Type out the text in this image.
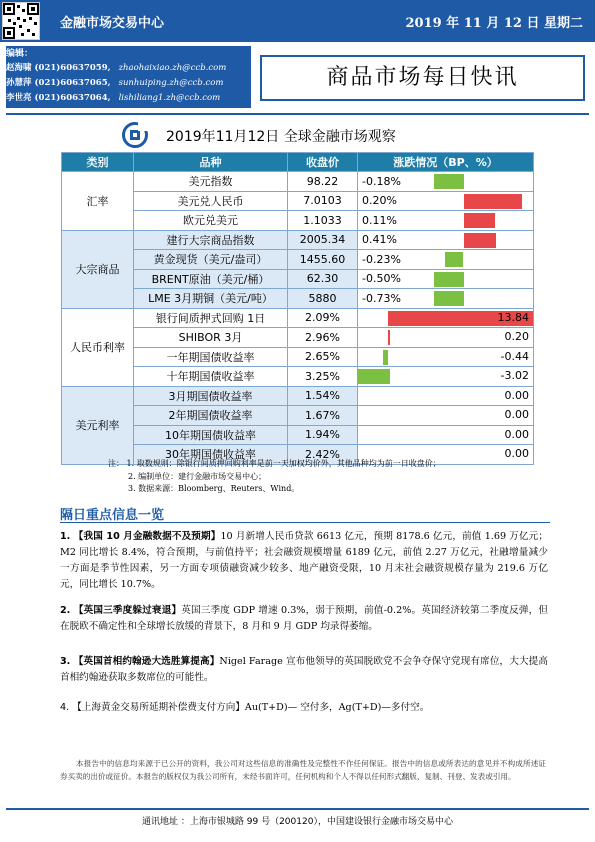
金融市场交易中心	2019 年 11 月 12 日 星期二
编辑：
赵海啸 (021)60637059, zhaohaixiao.zh@ccb.com
孙慧萍 (021)60637065, sunhuiping.zh@ccb.com
李世亮 (021)60637064, lishiliang1.zh@ccb.com
商品市场每日快讯
2019年11月12日 全球金融市场观察
类别	品种	收盘价	涨跌情况（BP、%）	
汇率	美元指数	98.22	-0.18%	

	美元兑人民币	7.0103	0.20%	

	欧元兑美元	1.1033	0.11%	

大宗商品	建行大宗商品指数	2005.34	0.41%	

	黄金现货（美元/盎司）	1455.60	-0.23%	

	BRENT原油（美元/桶）	62.30	-0.50%	

	LME 3月期铜（美元/吨）	5880	-0.73%	

人民币利率	银行间质押式回购 1日	2.09%	13.84	

	SHIBOR 3月	2.96%	0.20	

	一年期国债收益率	2.65%	-0.44	

	十年期国债收益率	3.25%	-3.02	

美元利率	3月期国债收益率	1.54%	0.00	

	2年期国债收益率	1.67%	0.00	

	10年期国债收益率	1.94%	0.00	

	30年期国债收益率	2.42%	0.00	
注： 1. 取数规则：除银行间质押回购利率是前一天加权均价外，其他品种均为前一日收盘价；
2. 编制单位：建行金融市场交易中心；
3. 数据来源：Bloomberg、Reuters、Wind。
隔日重点信息一览
1. 【我国 10 月金融数据不及预期】10 月新增人民币贷款 6613 亿元，预期 8178.6 亿元，前值 1.69 万亿元；M2 同比增长 8.4%，符合预期，与前值持平；社会融资规模增量 6189 亿元，前值 2.27 万亿元，社融增量减少一方面是季节性因素，另一方面专项债融资减少较多、地产融资受限，10 月末社会融资规模存量为 219.6 万亿元，同比增长 10.7%。
2. 【英国三季度躲过衰退】英国三季度 GDP 增速 0.3%，弱于预期，前值-0.2%。英国经济较第二季度反弹，但在脱欧不确定性和全球增长放缓的背景下，8 月和 9 月 GDP 均录得萎缩。
3. 【英国首相约翰逊大选胜算提高】Nigel Farage 宣布他领导的英国脱欧党不会争夺保守党现有席位，大大提高首相约翰逊获取多数席位的可能性。
4. 【上海黄金交易所延期补偿费支付方向】Au(T+D)— 空付多，Ag(T+D)—多付空。
本报告中的信息均来源于已公开的资料，我公司对这些信息的准确性及完整性不作任何保证。报告中的信息或所表达的意见并不构成所述证券买卖的出价或征价。本报告的版权仅为我公司所有，未经书面许可，任何机构和个人不得以任何形式翻版、复制、刊登、发表或引用。
通讯地址 ：上海市银城路 99 号（200120），中国建设银行金融市场交易中心
